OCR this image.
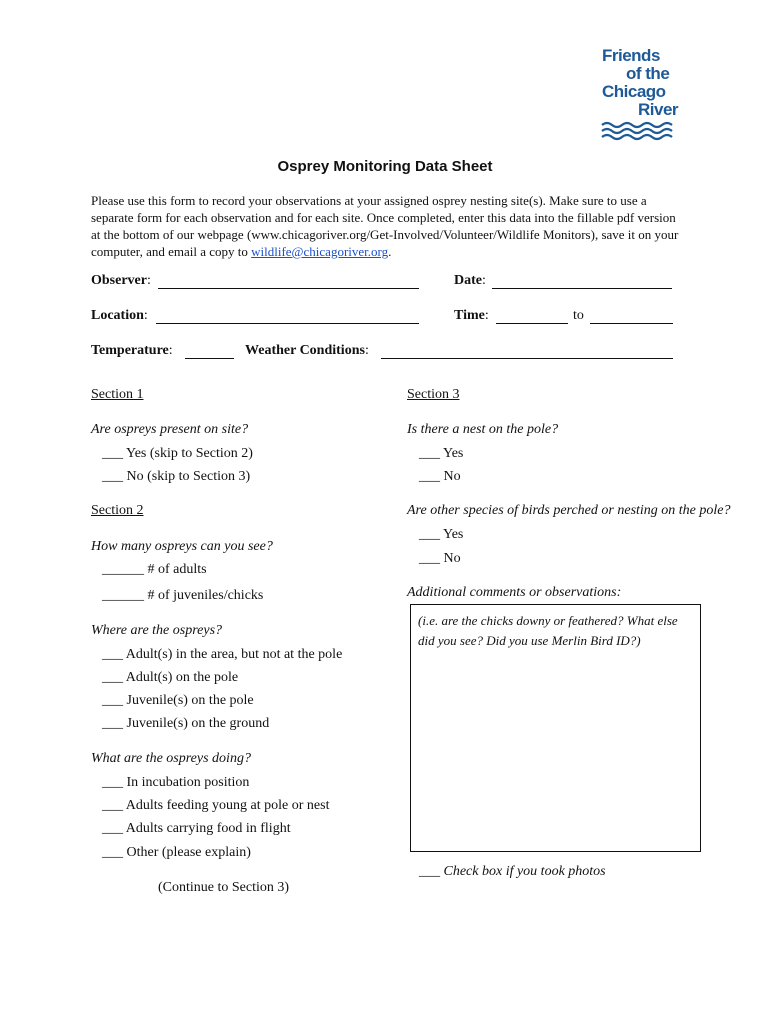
Friends
of the
Chicago
River
Osprey Monitoring Data Sheet
Please use this form to record your observations at your assigned osprey nesting site(s). Make sure to use a separate form for each observation and for each site. Once completed, enter this data into the fillable pdf version at the bottom of our webpage (www.chicagoriver.org/Get-Involved/Volunteer/Wildlife Monitors), save it on your computer, and email a copy to wildlife@chicagoriver.org.
Observer:	Date:
Location:	Time:	to
Temperature:	Weather Conditions:
Section 1
Are ospreys present on site?
___ Yes (skip to Section 2)
___ No (skip to Section 3)
Section 2
How many ospreys can you see?
______ # of adults
______ # of juveniles/chicks
Where are the ospreys?
___ Adult(s) in the area, but not at the pole
___ Adult(s) on the pole
___ Juvenile(s) on the pole
___ Juvenile(s) on the ground
What are the ospreys doing?
___ In incubation position
___ Adults feeding young at pole or nest
___ Adults carrying food in flight
___ Other (please explain)
(Continue to Section 3)
Section 3
Is there a nest on the pole?
___ Yes
___ No
Are other species of birds perched or nesting on the pole?
___ Yes
___ No
Additional comments or observations:
(i.e. are the chicks downy or feathered? What else did you see? Did you use Merlin Bird ID?)
___ Check box if you took photos
